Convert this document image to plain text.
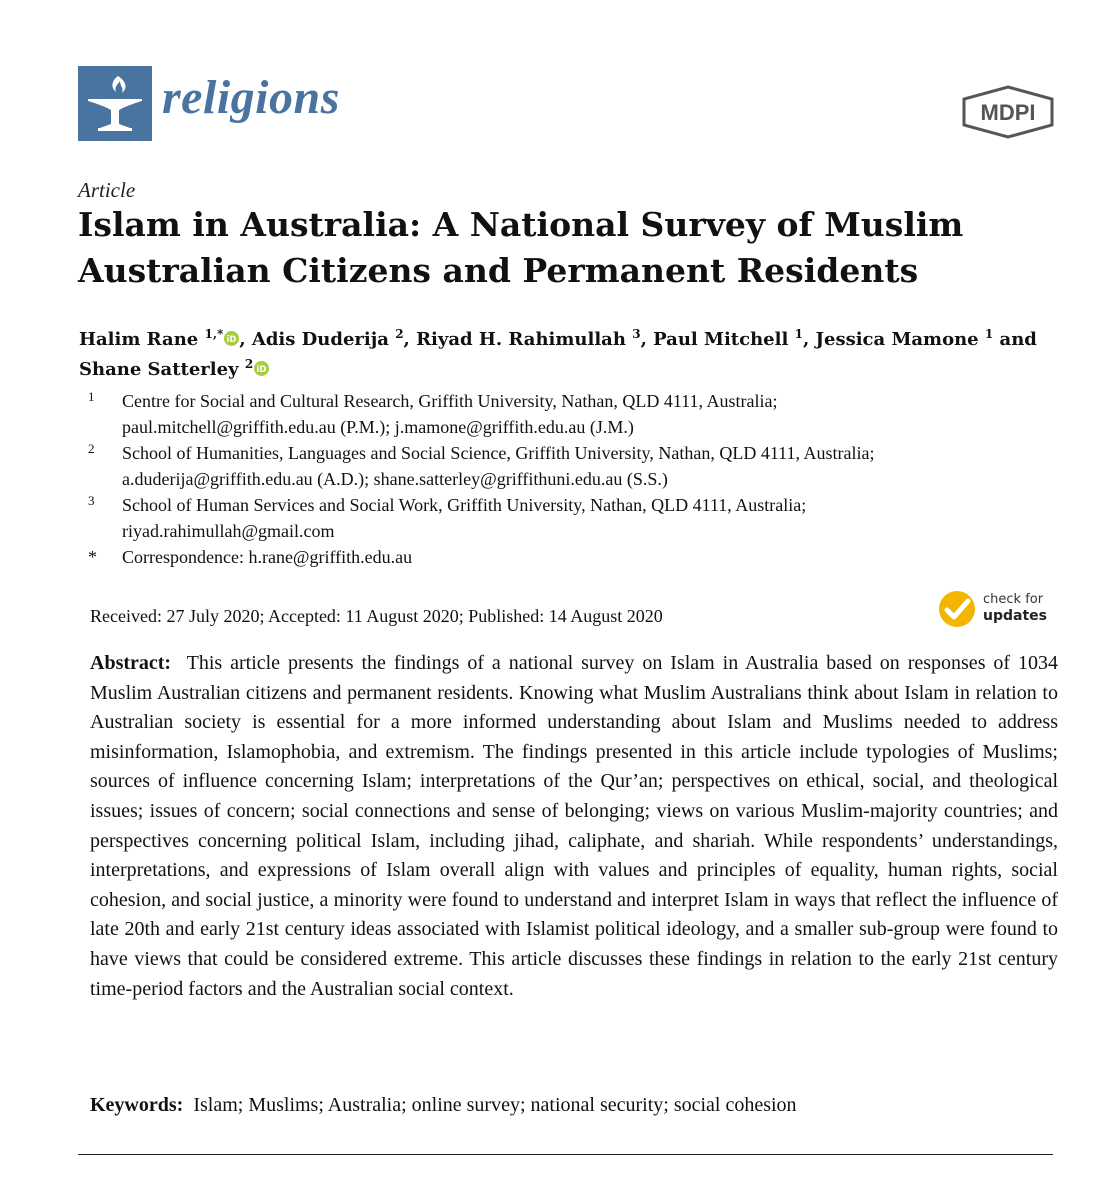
religions	MDPI
Article
Islam in Australia: A National Survey of Muslim Australian Citizens and Permanent Residents
Halim Rane $^{1,*}$ iD , Adis Duderija $^2$, Riyad H. Rahimullah $^3$, Paul Mitchell $^1$, Jessica Mamone $^1$ and
Shane Satterley $^2$ iD
1	Centre for Social and Cultural Research, Griffith University, Nathan, QLD 4111, Australia;
paul.mitchell@griffith.edu.au (P.M.); j.mamone@griffith.edu.au (J.M.)
2	School of Humanities, Languages and Social Science, Griffith University, Nathan, QLD 4111, Australia;
a.duderija@griffith.edu.au (A.D.); shane.satterley@griffithuni.edu.au (S.S.)
3	School of Human Services and Social Work, Griffith University, Nathan, QLD 4111, Australia;
riyad.rahimullah@gmail.com
*	Correspondence: h.rane@griffith.edu.au
Received: 27 July 2020; Accepted: 11 August 2020; Published: 14 August 2020
check for
updates

Abstract: This article presents the findings of a national survey on Islam in Australia based on responses of 1034 Muslim Australian citizens and permanent residents. Knowing what Muslim Australians think about Islam in relation to Australian society is essential for a more informed understanding about Islam and Muslims needed to address misinformation, Islamophobia, and extremism. The findings presented in this article include typologies of Muslims; sources of influence concerning Islam; interpretations of the Qur’an; perspectives on ethical, social, and theological issues; issues of concern; social connections and sense of belonging; views on various Muslim-majority countries; and perspectives concerning political Islam, including jihad, caliphate, and shariah. While respondents’ understandings, interpretations, and expressions of Islam overall align with values and principles of equality, human rights, social cohesion, and social justice, a minority were found to understand and interpret Islam in ways that reflect the influence of late 20th and early 21st century ideas associated with Islamist political ideology, and a smaller sub-group were found to have views that could be considered extreme. This article discusses these findings in relation to the early 21st century time-period factors and the Australian social context.

Keywords: Islam; Muslims; Australia; online survey; national security; social cohesion
